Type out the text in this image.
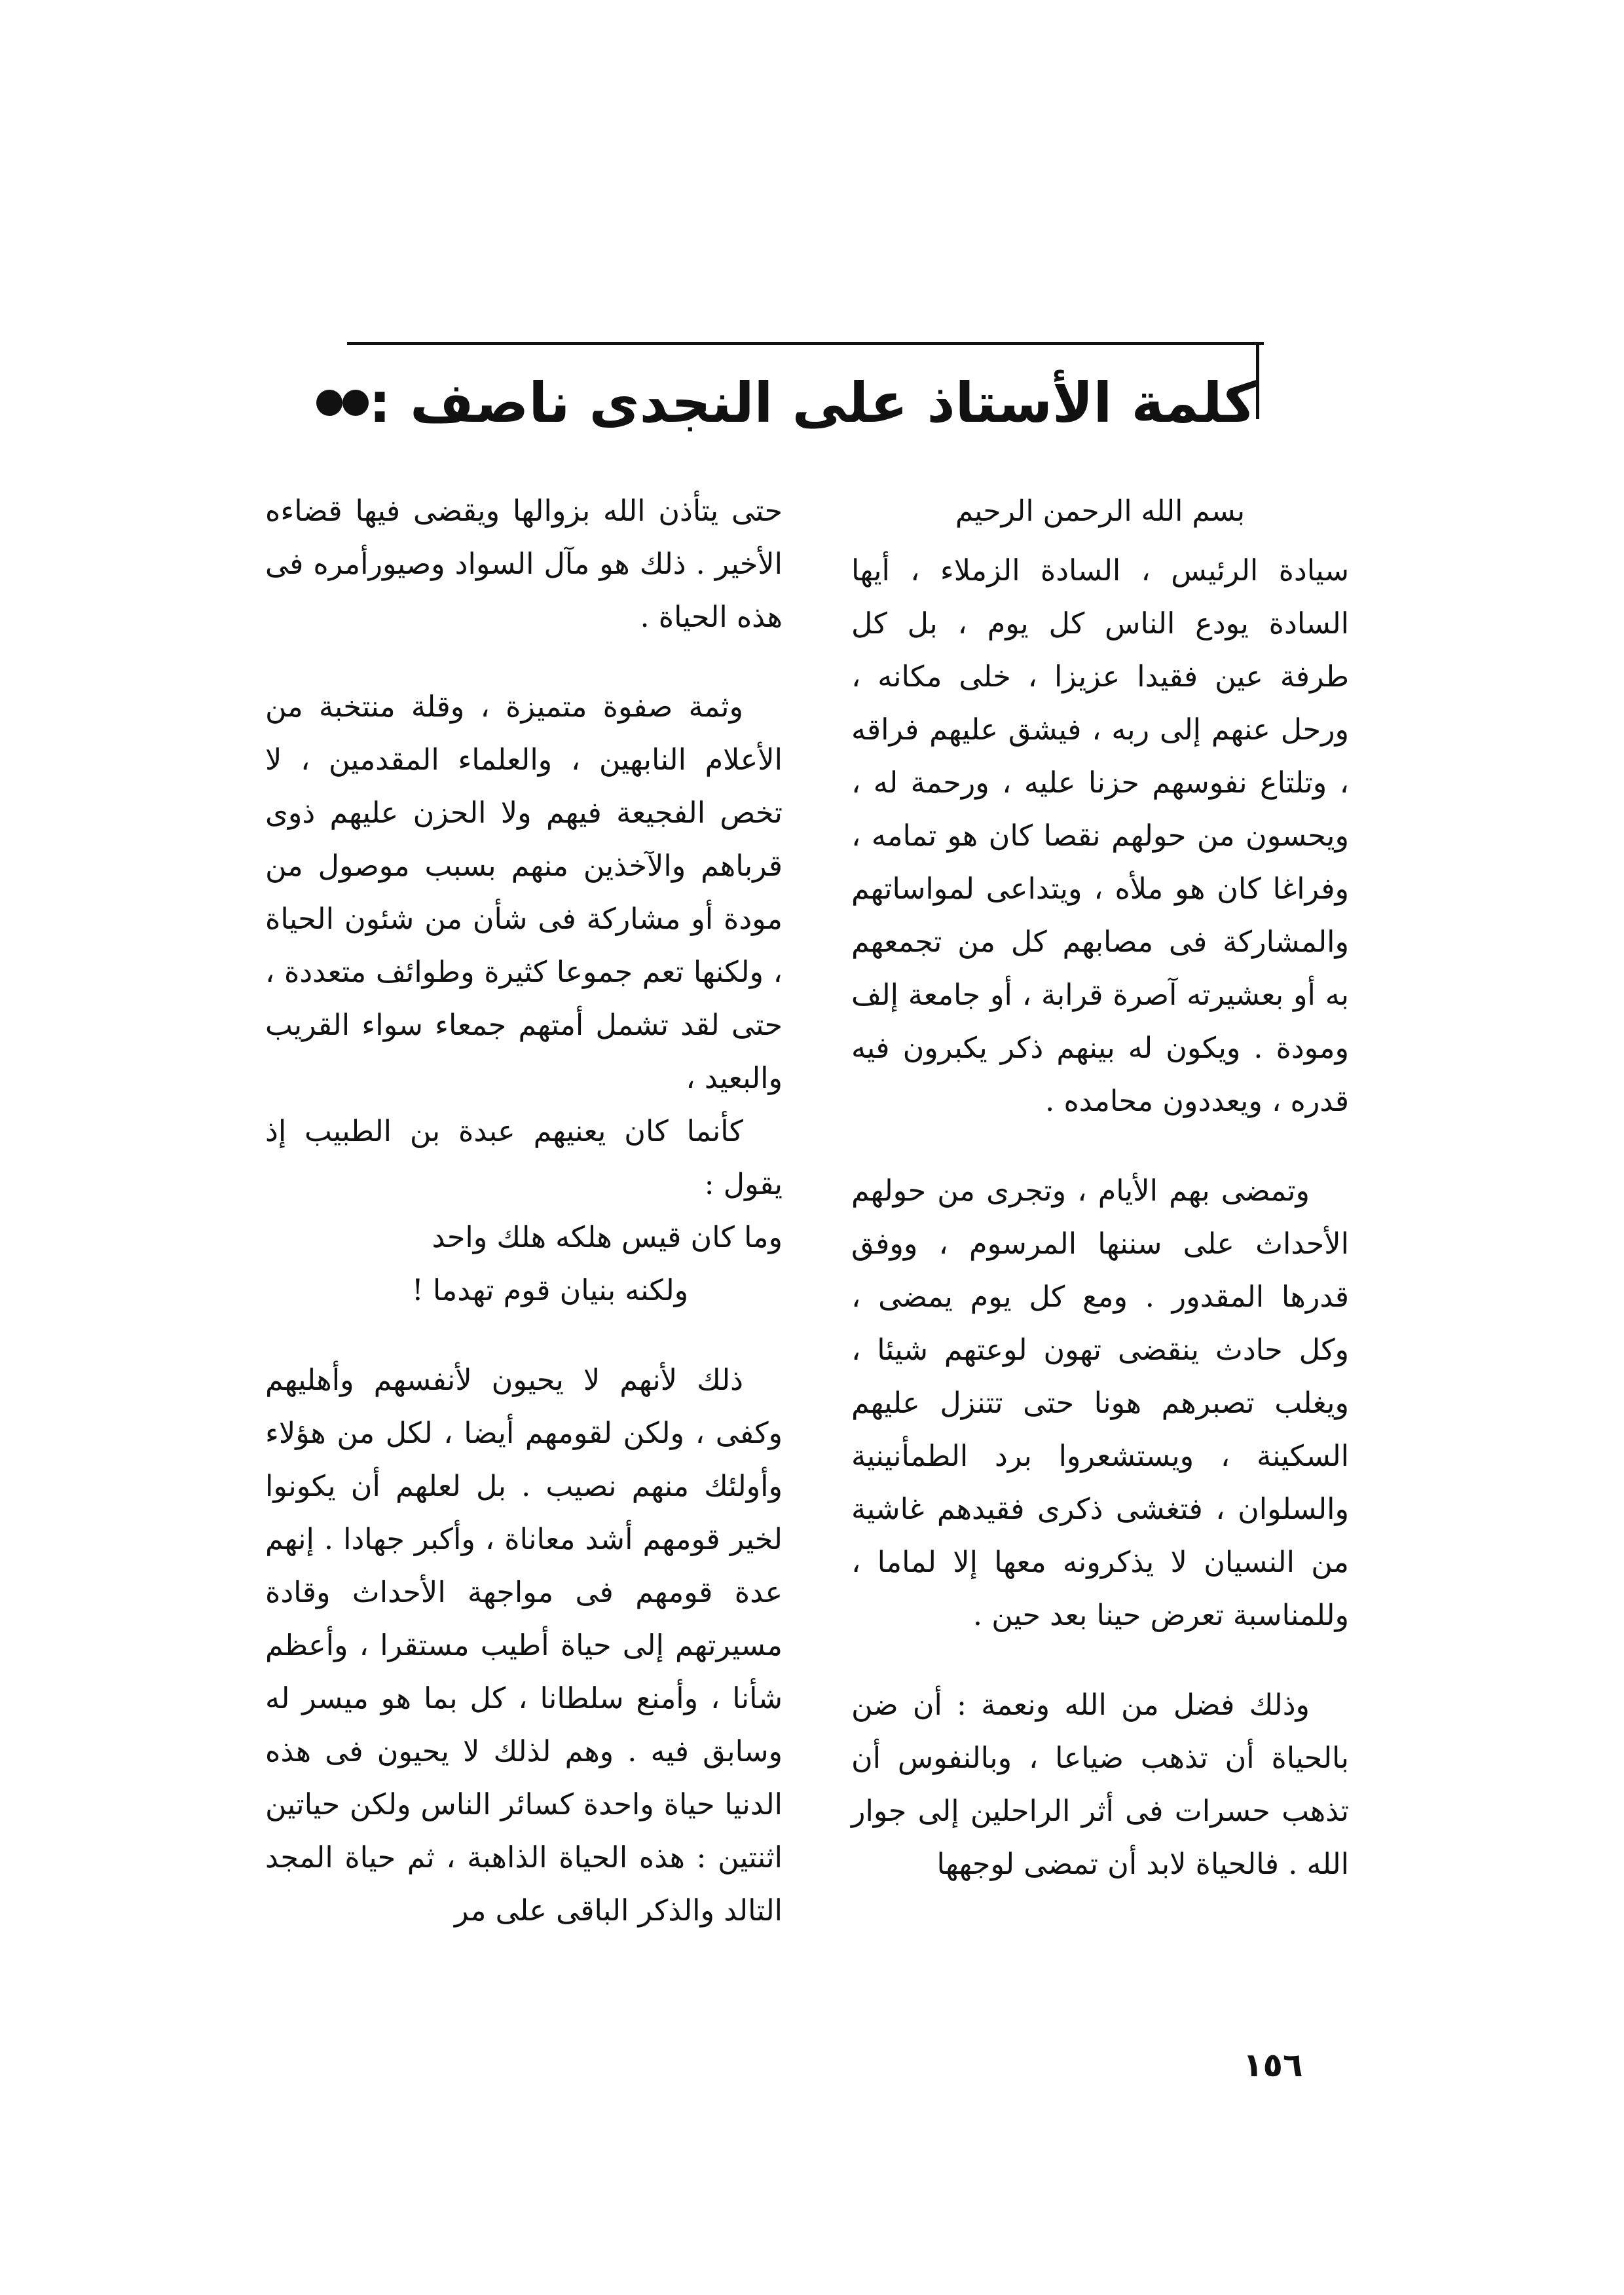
كلمة الأستاذ على النجدى ناصف :

بسم الله الرحمن الرحيم

سيادة الرئيس ، السادة الزملاء ، أيها السادة يودع الناس كل يوم ، بل كل طرفة عين فقيدا عزيزا ، خلى مكانه ، ورحل عنهم إلى ربه ، فيشق عليهم فراقه ، وتلتاع نفوسهم حزنا عليه ، ورحمة له ، ويحسون من حولهم نقصا كان هو تمامه ، وفراغا كان هو ملأه ، ويتداعى لمواساتهم والمشاركة فى مصابهم كل من تجمعهم به أو بعشيرته آصرة قرابة ، أو جامعة إلف ومودة . ويكون له بينهم ذكر يكبرون فيه قدره ، ويعددون محامده .

وتمضى بهم الأيام ، وتجرى من حولهم الأحداث على سننها المرسوم ، ووفق قدرها المقدور . ومع كل يوم يمضى ، وكل حادث ينقضى تهون لوعتهم شيئا ، ويغلب تصبرهم هونا حتى تتنزل عليهم السكينة ، ويستشعروا برد الطمأنينية والسلوان ، فتغشى ذكرى فقيدهم غاشية من النسيان لا يذكرونه معها إلا لماما ، وللمناسبة تعرض حينا بعد حين .

وذلك فضل من الله ونعمة : أن ضن بالحياة أن تذهب ضياعا ، وبالنفوس أن تذهب حسرات فى أثر الراحلين إلى جوار الله . فالحياة لابد أن تمضى لوجهها

حتى يتأذن الله بزوالها ويقضى فيها قضاءه الأخير . ذلك هو مآل السواد وصيورأمره فى هذه الحياة .

وثمة صفوة متميزة ، وقلة منتخبة من الأعلام النابهين ، والعلماء المقدمين ، لا تخص الفجيعة فيهم ولا الحزن عليهم ذوى قرباهم والآخذين منهم بسبب موصول من مودة أو مشاركة فى شأن من شئون الحياة ، ولكنها تعم جموعا كثيرة وطوائف متعددة ، حتى لقد تشمل أمتهم جمعاء سواء القريب والبعيد ،

كأنما كان يعنيهم عبدة بن الطبيب إذ يقول :

وما كان قيس هلكه هلك واحد

ولكنه بنيان قوم تهدما !

ذلك لأنهم لا يحيون لأنفسهم وأهليهم وكفى ، ولكن لقومهم أيضا ، لكل من هؤلاء وأولئك منهم نصيب . بل لعلهم أن يكونوا لخير قومهم أشد معاناة ، وأكبر جهادا . إنهم عدة قومهم فى مواجهة الأحداث وقادة مسيرتهم إلى حياة أطيب مستقرا ، وأعظم شأنا ، وأمنع سلطانا ، كل بما هو ميسر له وسابق فيه . وهم لذلك لا يحيون فى هذه الدنيا حياة واحدة كسائر الناس ولكن حياتين اثنتين : هذه الحياة الذاهبة ، ثم حياة المجد التالد والذكر الباقى على مر

١٥٦
